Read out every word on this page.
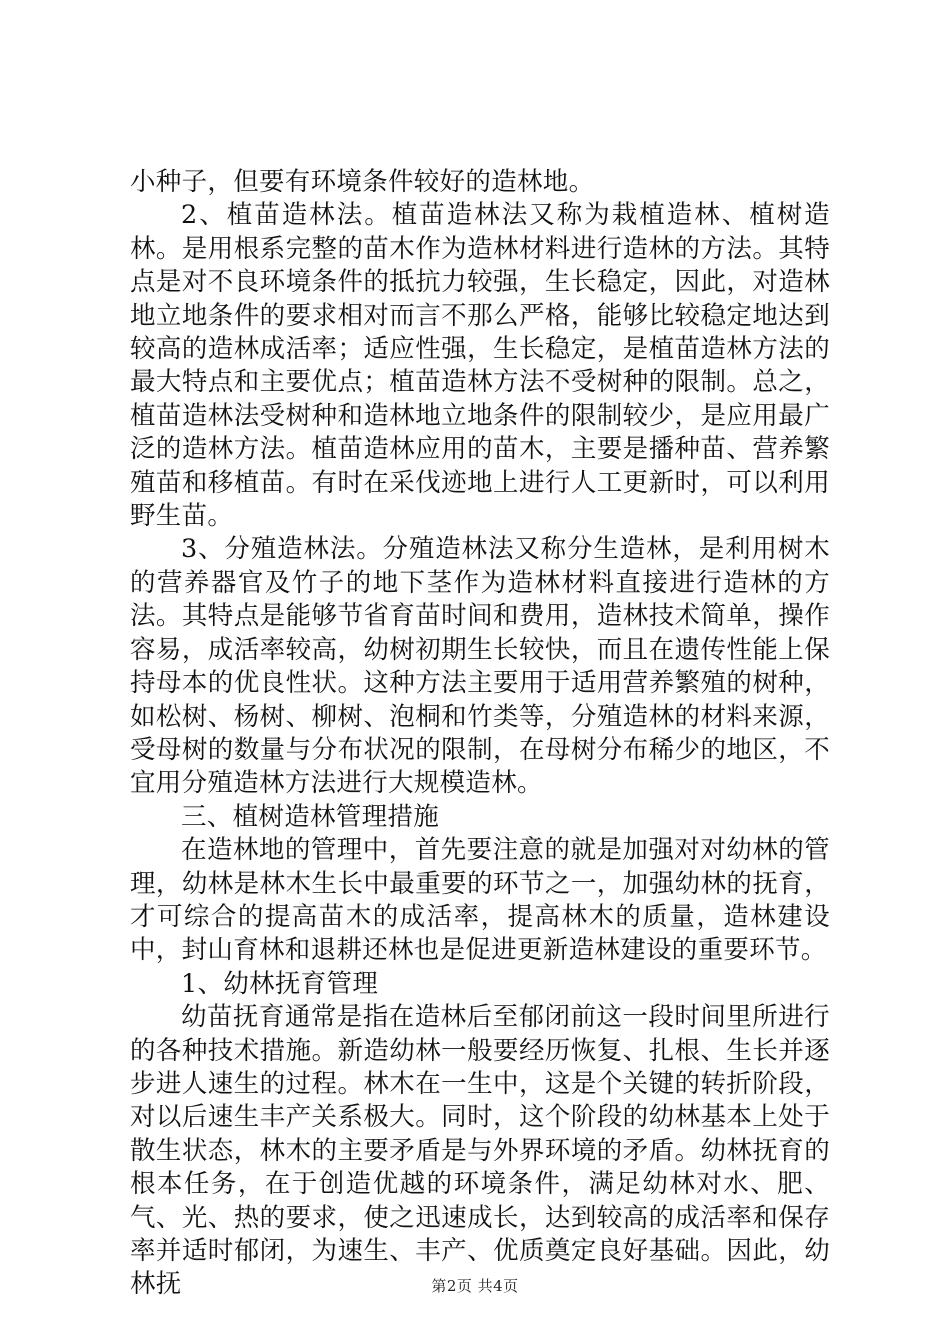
小种子，但要有环境条件较好的造林地。

2、植苗造林法。植苗造林法又称为栽植造林、植树造林。是用根系完整的苗木作为造林材料进行造林的方法。其特点是对不良环境条件的抵抗力较强，生长稳定，因此，对造林地立地条件的要求相对而言不那么严格，能够比较稳定地达到较高的造林成活率；适应性强，生长稳定，是植苗造林方法的最大特点和主要优点；植苗造林方法不受树种的限制。总之，植苗造林法受树种和造林地立地条件的限制较少，是应用最广泛的造林方法。植苗造林应用的苗木，主要是播种苗、营养繁殖苗和移植苗。有时在采伐迹地上进行人工更新时，可以利用野生苗。

3、分殖造林法。分殖造林法又称分生造林，是利用树木的营养器官及竹子的地下茎作为造林材料直接进行造林的方法。其特点是能够节省育苗时间和费用，造林技术简单，操作容易，成活率较高，幼树初期生长较快，而且在遗传性能上保持母本的优良性状。这种方法主要用于适用营养繁殖的树种，如松树、杨树、柳树、泡桐和竹类等，分殖造林的材料来源，受母树的数量与分布状况的限制，在母树分布稀少的地区，不宜用分殖造林方法进行大规模造林。

三、植树造林管理措施

在造林地的管理中，首先要注意的就是加强对对幼林的管理，幼林是林木生长中最重要的环节之一，加强幼林的抚育，才可综合的提高苗木的成活率，提高林木的质量，造林建设中，封山育林和退耕还林也是促进更新造林建设的重要环节。

1、幼林抚育管理

幼苗抚育通常是指在造林后至郁闭前这一段时间里所进行的各种技术措施。新造幼林一般要经历恢复、扎根、生长并逐步进人速生的过程。林木在一生中，这是个关键的转折阶段，对以后速生丰产关系极大。同时，这个阶段的幼林基本上处于散生状态，林木的主要矛盾是与外界环境的矛盾。幼林抚育的根本任务，在于创造优越的环境条件，满足幼林对水、肥、气、光、热的要求，使之迅速成长，达到较高的成活率和保存率并适时郁闭，为速生、丰产、优质奠定良好基础。因此，幼林抚	第2页 共4页
